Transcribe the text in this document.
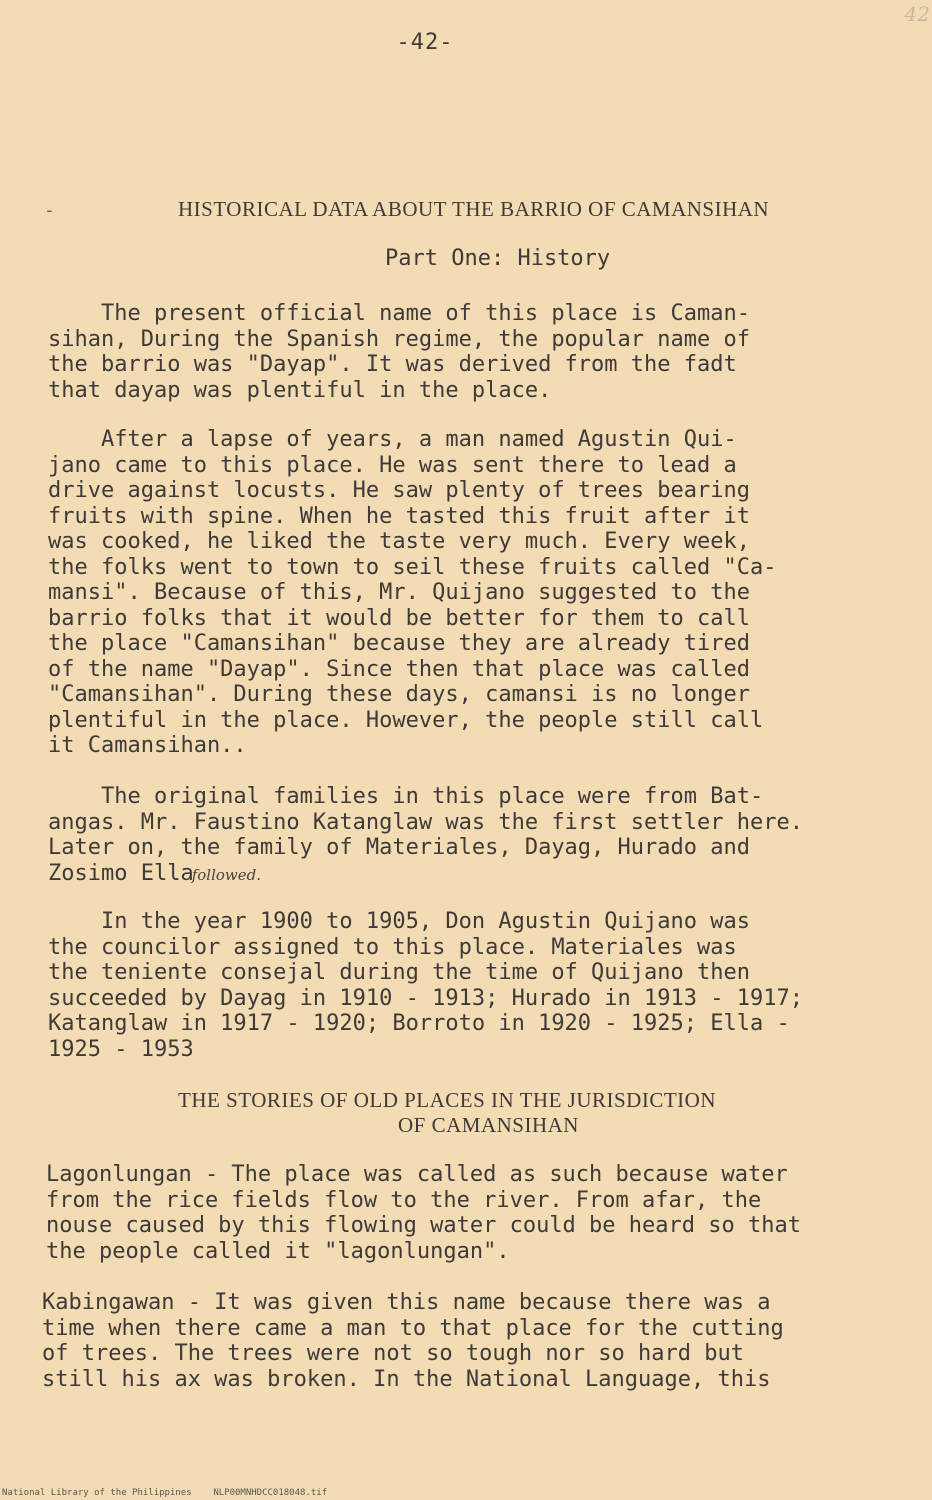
42
-42-
-	HISTORICAL DATA ABOUT THE BARRIO OF CAMANSIHAN
Part One: History
The present official name of this place is Caman-
sihan, During the Spanish regime, the popular name of
the barrio was "Dayap". It was derived from the fadt
that dayap was plentiful in the place.
After a lapse of years, a man named Agustin Qui-
jano came to this place. He was sent there to lead a
drive against locusts. He saw plenty of trees bearing
fruits with spine. When he tasted this fruit after it
was cooked, he liked the taste very much. Every week,
the folks went to town to seil these fruits called "Ca-
mansi". Because of this, Mr. Quijano suggested to the
barrio folks that it would be better for them to call
the place "Camansihan" because they are already tired
of the name "Dayap". Since then that place was called
"Camansihan". During these days, camansi is no longer
plentiful in the place. However, the people still call
it Camansihan..
The original families in this place were from Bat-
angas. Mr. Faustino Katanglaw was the first settler here.
Later on, the family of Materiales, Dayag, Hurado and
Zosimo Ellafollowed.
In the year 1900 to 1905, Don Agustin Quijano was
the councilor assigned to this place. Materiales was
the teniente consejal during the time of Quijano then
succeeded by Dayag in 1910 - 1913; Hurado in 1913 - 1917;
Katanglaw in 1917 - 1920; Borroto in 1920 - 1925; Ella -
1925 - 1953
THE STORIES OF OLD PLACES IN THE JURISDICTION
OF CAMANSIHAN
Lagonlungan - The place was called as such because water
from the rice fields flow to the river. From afar, the
nouse caused by this flowing water could be heard so that
the people called it "lagonlungan".
Kabingawan - It was given this name because there was a
time when there came a man to that place for the cutting
of trees. The trees were not so tough nor so hard but
still his ax was broken. In the National Language, this
National Library of the Philippines    NLP00MNHDCC018048.tif
